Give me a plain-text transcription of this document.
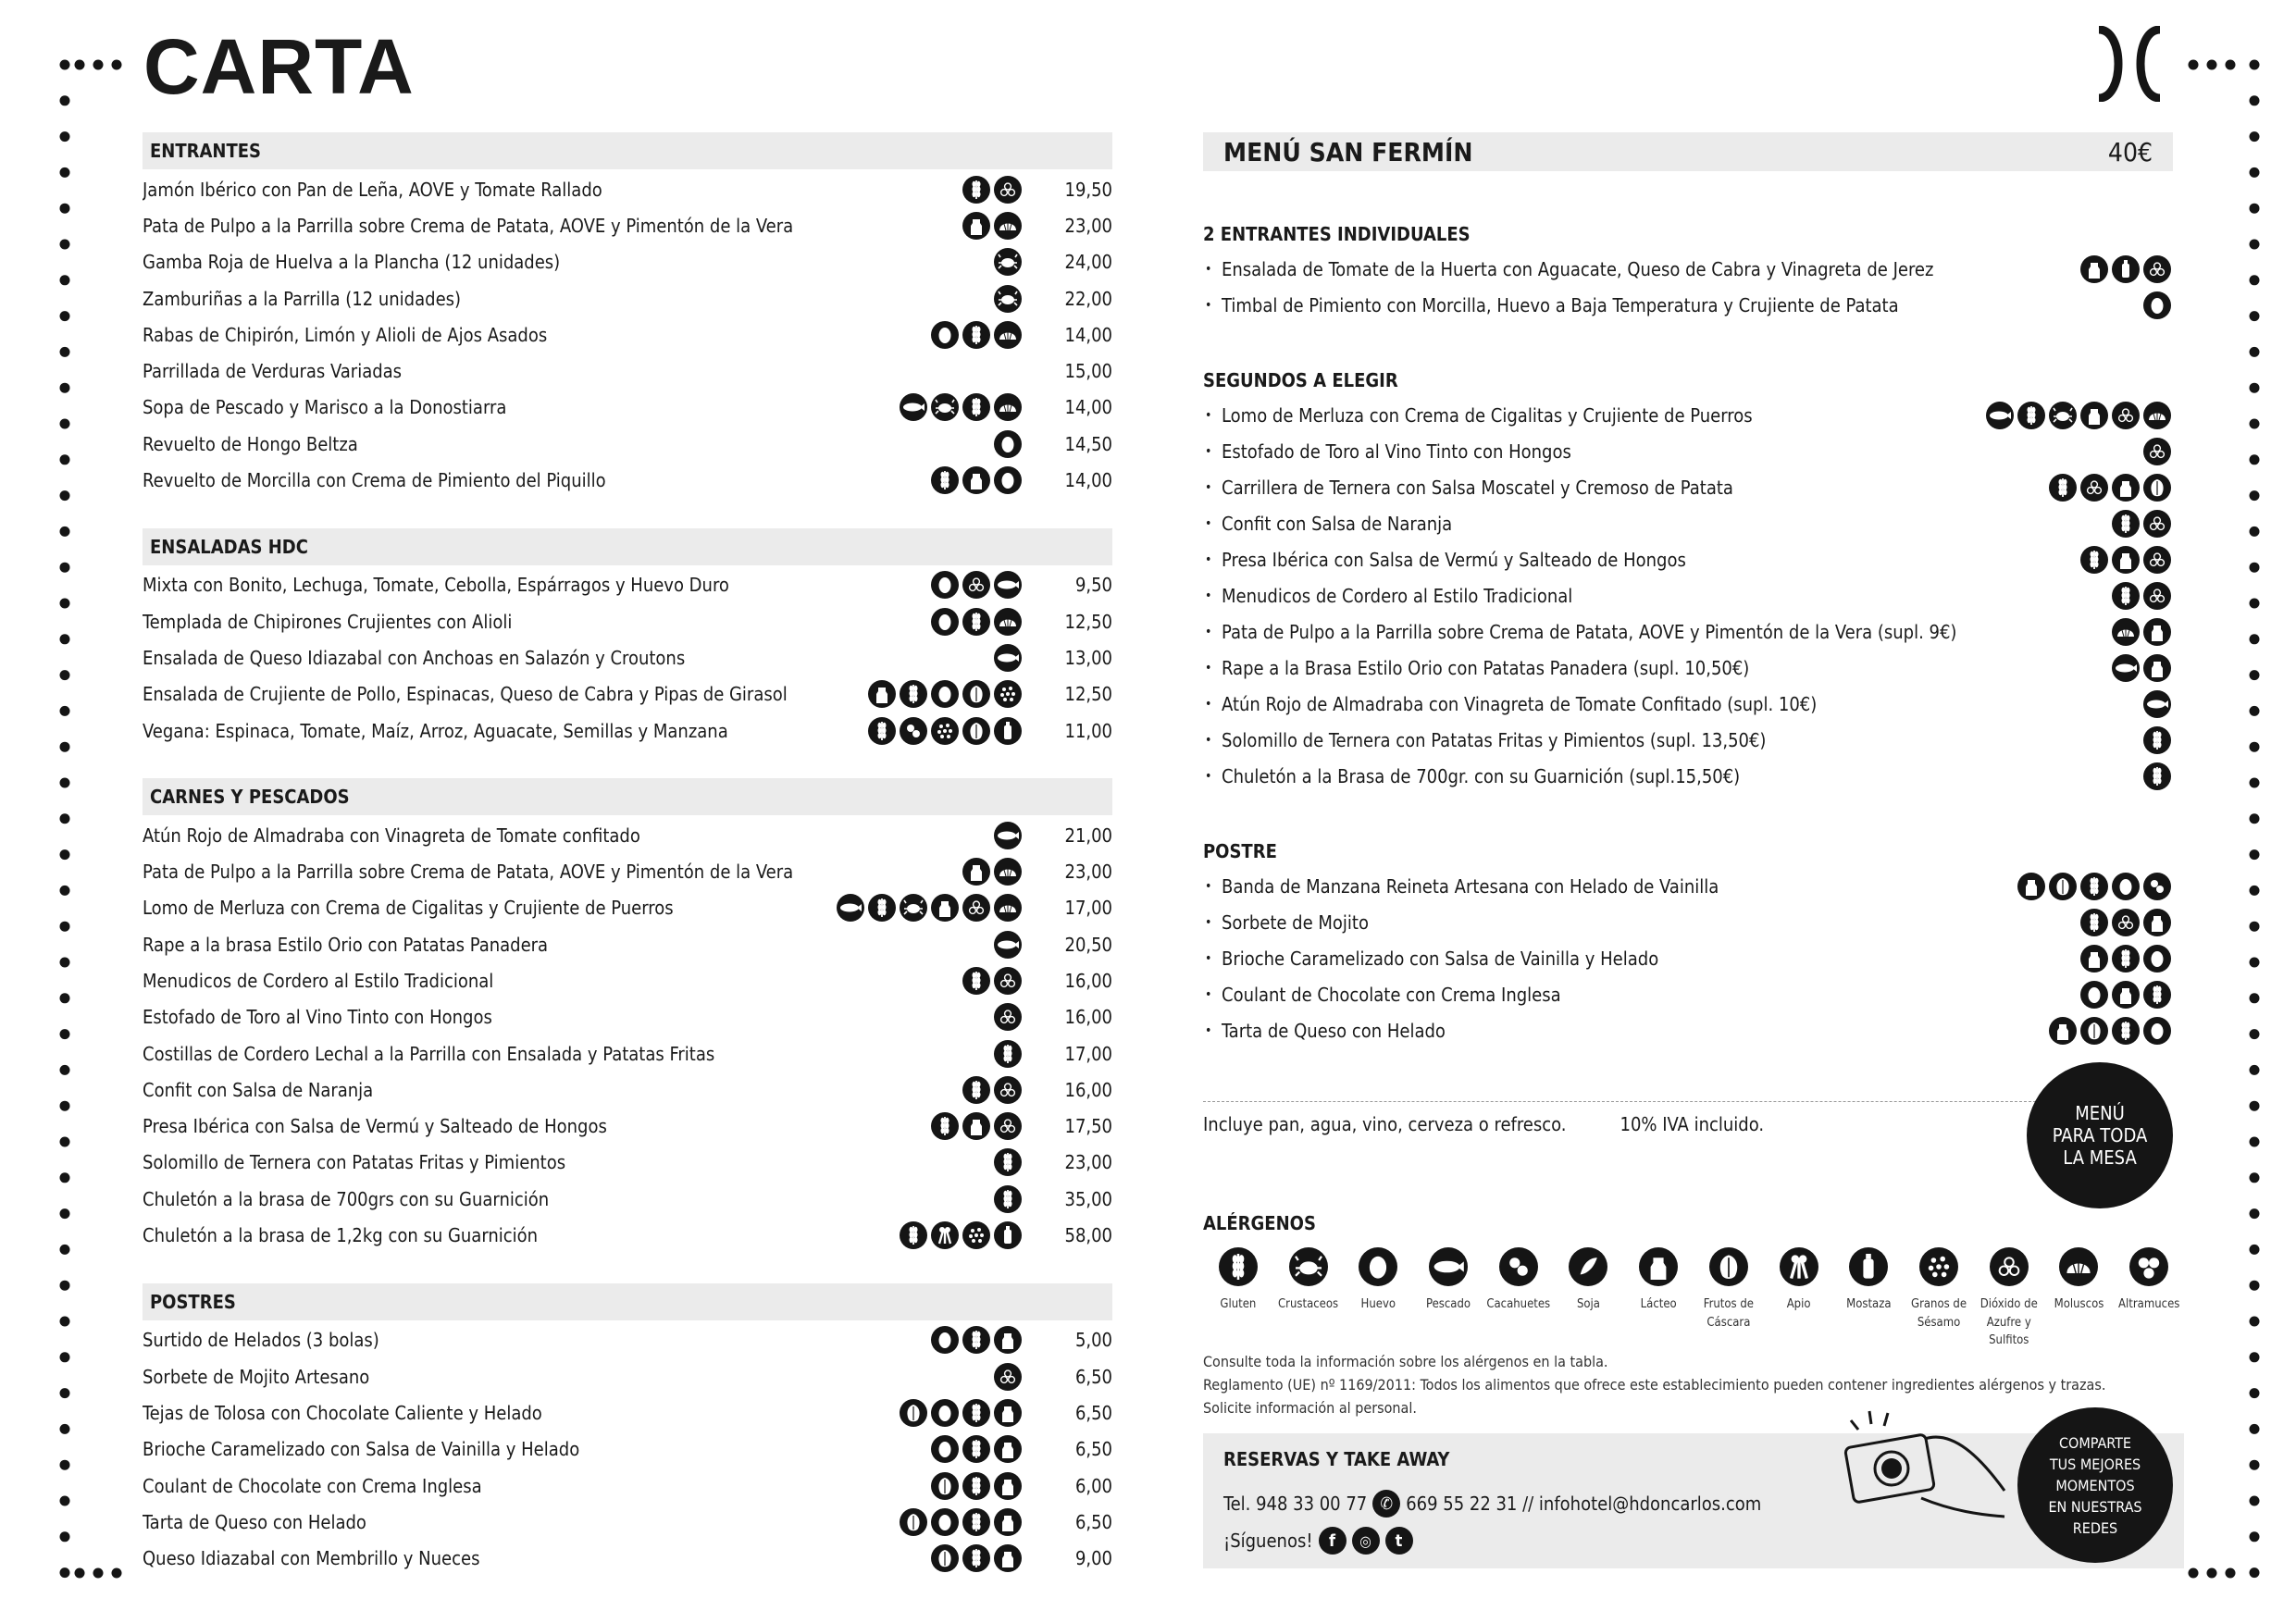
CARTA
ENTRANTES
Jamón Ibérico con Pan de Leña, AOVE y Tomate Rallado	19,50
Pata de Pulpo a la Parrilla sobre Crema de Patata, AOVE y Pimentón de la Vera	23,00
Gamba Roja de Huelva a la Plancha (12 unidades)	24,00
Zamburiñas a la Parrilla (12 unidades)	22,00
Rabas de Chipirón, Limón y Alioli de Ajos Asados	14,00
Parrillada de Verduras Variadas	15,00
Sopa de Pescado y Marisco a la Donostiarra	14,00
Revuelto de Hongo Beltza	14,50
Revuelto de Morcilla con Crema de Pimiento del Piquillo	14,00
ENSALADAS HDC
Mixta con Bonito, Lechuga, Tomate, Cebolla, Espárragos y Huevo Duro	9,50
Templada de Chipirones Crujientes con Alioli	12,50
Ensalada de Queso Idiazabal con Anchoas en Salazón y Croutons	13,00
Ensalada de Crujiente de Pollo, Espinacas, Queso de Cabra y Pipas de Girasol	12,50
Vegana: Espinaca, Tomate, Maíz, Arroz, Aguacate, Semillas y Manzana	11,00
CARNES Y PESCADOS
Atún Rojo de Almadraba con Vinagreta de Tomate confitado	21,00
Pata de Pulpo a la Parrilla sobre Crema de Patata, AOVE y Pimentón de la Vera	23,00
Lomo de Merluza con Crema de Cigalitas y Crujiente de Puerros	17,00
Rape a la brasa Estilo Orio con Patatas Panadera	20,50
Menudicos de Cordero al Estilo Tradicional	16,00
Estofado de Toro al Vino Tinto con Hongos	16,00
Costillas de Cordero Lechal a la Parrilla con Ensalada y Patatas Fritas	17,00
Confit con Salsa de Naranja	16,00
Presa Ibérica con Salsa de Vermú y Salteado de Hongos	17,50
Solomillo de Ternera con Patatas Fritas y Pimientos	23,00
Chuletón a la brasa de 700grs con su Guarnición	35,00
Chuletón a la brasa de 1,2kg con su Guarnición	58,00
POSTRES
Surtido de Helados (3 bolas)	5,00
Sorbete de Mojito Artesano	6,50
Tejas de Tolosa con Chocolate Caliente y Helado	6,50
Brioche Caramelizado con Salsa de Vainilla y Helado	6,50
Coulant de Chocolate con Crema Inglesa	6,00
Tarta de Queso con Helado	6,50
Queso Idiazabal con Membrillo y Nueces	9,00
MENÚ SAN FERMÍN	40€
2 ENTRANTES INDIVIDUALES
• Ensalada de Tomate de la Huerta con Aguacate, Queso de Cabra y Vinagreta de Jerez
• Timbal de Pimiento con Morcilla, Huevo a Baja Temperatura y Crujiente de Patata
SEGUNDOS A ELEGIR
• Lomo de Merluza con Crema de Cigalitas y Crujiente de Puerros
• Estofado de Toro al Vino Tinto con Hongos
• Carrillera de Ternera con Salsa Moscatel y Cremoso de Patata
• Confit con Salsa de Naranja
• Presa Ibérica con Salsa de Vermú y Salteado de Hongos
• Menudicos de Cordero al Estilo Tradicional
• Pata de Pulpo a la Parrilla sobre Crema de Patata, AOVE y Pimentón de la Vera (supl. 9€)
• Rape a la Brasa Estilo Orio con Patatas Panadera (supl. 10,50€)
• Atún Rojo de Almadraba con Vinagreta de Tomate Confitado (supl. 10€)
• Solomillo de Ternera con Patatas Fritas y Pimientos (supl. 13,50€)
• Chuletón a la Brasa de 700gr. con su Guarnición (supl.15,50€)
POSTRE
• Banda de Manzana Reineta Artesana con Helado de Vainilla
• Sorbete de Mojito
• Brioche Caramelizado con Salsa de Vainilla y Helado
• Coulant de Chocolate con Crema Inglesa
• Tarta de Queso con Helado
Incluye pan, agua, vino, cerveza o refresco.	10% IVA incluido.	MENÚ
PARA TODA
LA MESA
ALÉRGENOS
Gluten Crustaceos Huevo	Pescado Cacahuetes Soja	Lácteo	Frutos de Cáscara
Apio	Mostaza	Granos de Sésamo
Dióxido de Azufre y Sulfitos
Moluscos Altramuces
Consulte toda la información sobre los alérgenos en la tabla.
Reglamento (UE) nº 1169/2011: Todos los alimentos que ofrece este establecimiento pueden contener ingredientes alérgenos y trazas.
Solicite información al personal.
RESERVAS Y TAKE AWAY
Tel. 948 33 00 77 ✆ 669 55 22 31 // infohotel@hdoncarlos.com
¡Síguenos! f	◎	t
COMPARTE
TUS MEJORES
MOMENTOS
EN NUESTRAS
REDES
